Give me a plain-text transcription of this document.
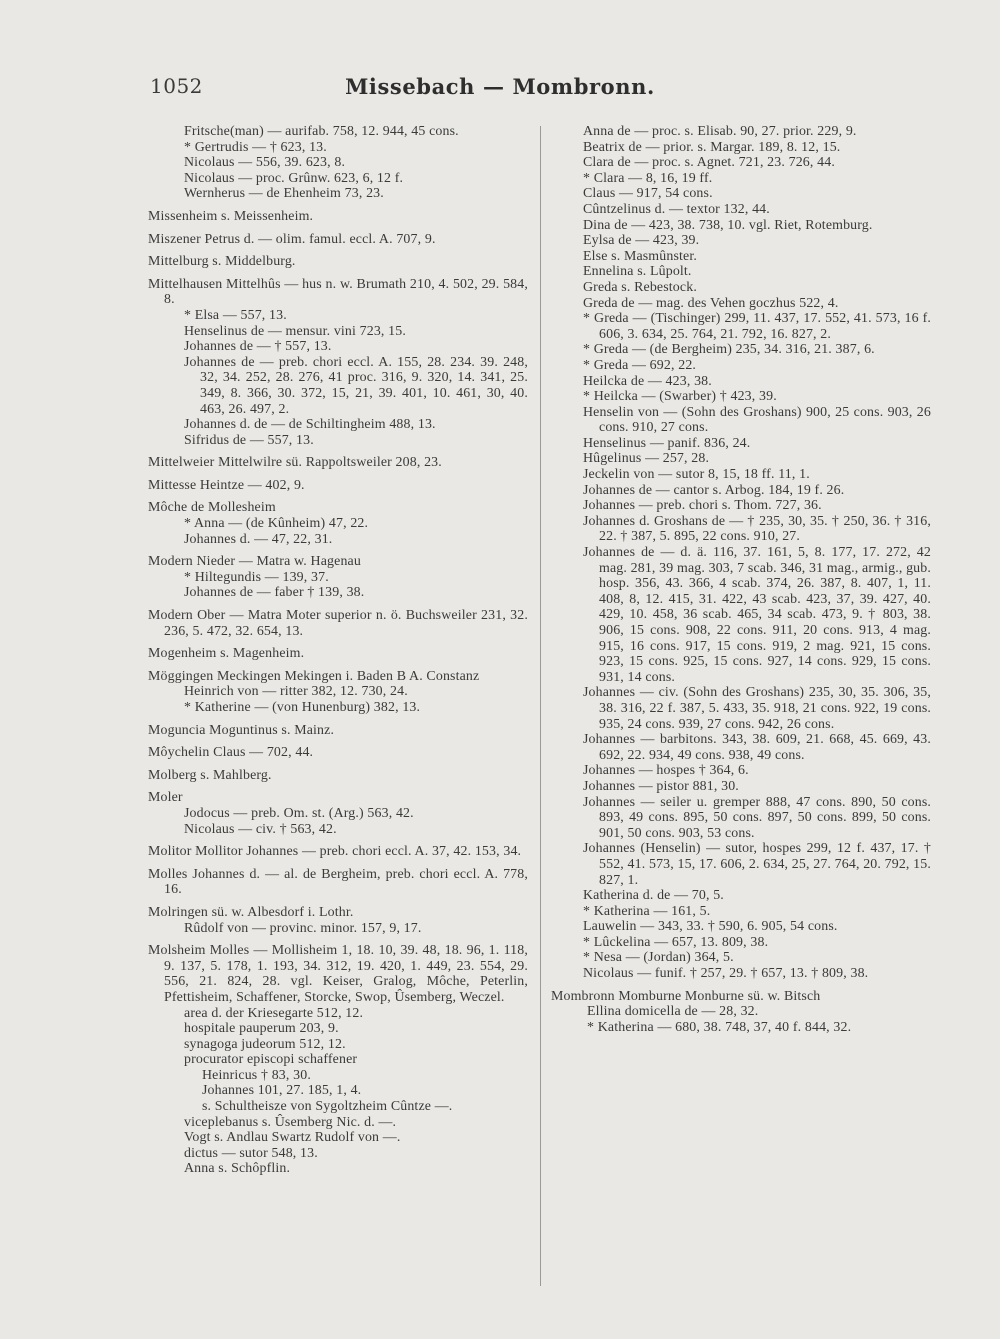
1052	Missebach — Mombronn.

Fritsche(man) — aurifab. 758, 12. 944, 45 cons.

* Gertrudis — † 623, 13.

Nicolaus — 556, 39. 623, 8.

Nicolaus — proc. Grûnw. 623, 6, 12 f.

Wernherus — de Ehenheim 73, 23.

Missenheim s. Meissenheim.

Miszener Petrus d. — olim. famul. eccl. A. 707, 9.

Mittelburg s. Middelburg.

Mittelhausen Mittelhûs — hus n. w. Brumath 210, 4. 502, 29. 584, 8.

* Elsa — 557, 13.

Henselinus de — mensur. vini 723, 15.

Johannes de — † 557, 13.

Johannes de — preb. chori eccl. A. 155, 28. 234. 39. 248, 32, 34. 252, 28. 276, 41 proc. 316, 9. 320, 14. 341, 25. 349, 8. 366, 30. 372, 15, 21, 39. 401, 10. 461, 30, 40. 463, 26. 497, 2.

Johannes d. de — de Schiltingheim 488, 13.

Sifridus de — 557, 13.

Mittelweier Mittelwilre sü. Rappoltsweiler 208, 23.

Mittesse Heintze — 402, 9.

Môche de Mollesheim

* Anna — (de Kûnheim) 47, 22.

Johannes d. — 47, 22, 31.

Modern Nieder — Matra w. Hagenau

* Hiltegundis — 139, 37.

Johannes de — faber † 139, 38.

Modern Ober — Matra Moter superior n. ö. Buchsweiler 231, 32. 236, 5. 472, 32. 654, 13.

Mogenheim s. Magenheim.

Möggingen Meckingen Mekingen i. Baden B A. Constanz

Heinrich von — ritter 382, 12. 730, 24.

* Katherine — (von Hunenburg) 382, 13.

Moguncia Moguntinus s. Mainz.

Môychelin Claus — 702, 44.

Molberg s. Mahlberg.

Moler

Jodocus — preb. Om. st. (Arg.) 563, 42.

Nicolaus — civ. † 563, 42.

Molitor Mollitor Johannes — preb. chori eccl. A. 37, 42. 153, 34.

Molles Johannes d. — al. de Bergheim, preb. chori eccl. A. 778, 16.

Molringen sü. w. Albesdorf i. Lothr.

Rûdolf von — provinc. minor. 157, 9, 17.

Molsheim Molles — Mollisheim 1, 18. 10, 39. 48, 18. 96, 1. 118, 9. 137, 5. 178, 1. 193, 34. 312, 19. 420, 1. 449, 23. 554, 29. 556, 21. 824, 28. vgl. Keiser, Gralog, Môche, Peterlin, Pfettisheim, Schaffener, Storcke, Swop, Ûsemberg, Weczel.

area d. der Kriesegarte 512, 12.

hospitale pauperum 203, 9.

synagoga judeorum 512, 12.

procurator episcopi schaffener

Heinricus † 83, 30.

Johannes 101, 27. 185, 1, 4.

s. Schultheisze von Sygoltzheim Cûntze —.

viceplebanus s. Ûsemberg Nic. d. —.

Vogt s. Andlau Swartz Rudolf von —.

dictus — sutor 548, 13.

Anna s. Schôpflin.

Anna de — proc. s. Elisab. 90, 27. prior. 229, 9.

Beatrix de — prior. s. Margar. 189, 8. 12, 15.

Clara de — proc. s. Agnet. 721, 23. 726, 44.

* Clara — 8, 16, 19 ff.

Claus — 917, 54 cons.

Cûntzelinus d. — textor 132, 44.

Dina de — 423, 38. 738, 10. vgl. Riet, Rotemburg.

Eylsa de — 423, 39.

Else s. Masmûnster.

Ennelina s. Lûpolt.

Greda s. Rebestock.

Greda de — mag. des Vehen goczhus 522, 4.

* Greda — (Tischinger) 299, 11. 437, 17. 552, 41. 573, 16 f. 606, 3. 634, 25. 764, 21. 792, 16. 827, 2.

* Greda — (de Bergheim) 235, 34. 316, 21. 387, 6.

* Greda — 692, 22.

Heilcka de — 423, 38.

* Heilcka — (Swarber) † 423, 39.

Henselin von — (Sohn des Groshans) 900, 25 cons. 903, 26 cons. 910, 27 cons.

Henselinus — panif. 836, 24.

Hûgelinus — 257, 28.

Jeckelin von — sutor 8, 15, 18 ff. 11, 1.

Johannes de — cantor s. Arbog. 184, 19 f. 26.

Johannes — preb. chori s. Thom. 727, 36.

Johannes d. Groshans de — † 235, 30, 35. † 250, 36. † 316, 22. † 387, 5. 895, 22 cons. 910, 27.

Johannes de — d. ä. 116, 37. 161, 5, 8. 177, 17. 272, 42 mag. 281, 39 mag. 303, 7 scab. 346, 31 mag., armig., gub. hosp. 356, 43. 366, 4 scab. 374, 26. 387, 8. 407, 1, 11. 408, 8, 12. 415, 31. 422, 43 scab. 423, 37, 39. 427, 40. 429, 10. 458, 36 scab. 465, 34 scab. 473, 9. † 803, 38. 906, 15 cons. 908, 22 cons. 911, 20 cons. 913, 4 mag. 915, 16 cons. 917, 15 cons. 919, 2 mag. 921, 15 cons. 923, 15 cons. 925, 15 cons. 927, 14 cons. 929, 15 cons. 931, 14 cons.

Johannes — civ. (Sohn des Groshans) 235, 30, 35. 306, 35, 38. 316, 22 f. 387, 5. 433, 35. 918, 21 cons. 922, 19 cons. 935, 24 cons. 939, 27 cons. 942, 26 cons.

Johannes — barbitons. 343, 38. 609, 21. 668, 45. 669, 43. 692, 22. 934, 49 cons. 938, 49 cons.

Johannes — hospes † 364, 6.

Johannes — pistor 881, 30.

Johannes — seiler u. gremper 888, 47 cons. 890, 50 cons. 893, 49 cons. 895, 50 cons. 897, 50 cons. 899, 50 cons. 901, 50 cons. 903, 53 cons.

Johannes (Henselin) — sutor, hospes 299, 12 f. 437, 17. † 552, 41. 573, 15, 17. 606, 2. 634, 25, 27. 764, 20. 792, 15. 827, 1.

Katherina d. de — 70, 5.

* Katherina — 161, 5.

Lauwelin — 343, 33. † 590, 6. 905, 54 cons.

* Lûckelina — 657, 13. 809, 38.

* Nesa — (Jordan) 364, 5.

Nicolaus — funif. † 257, 29. † 657, 13. † 809, 38.

Mombronn Momburne Monburne sü. w. Bitsch

Ellina domicella de — 28, 32.

* Katherina — 680, 38. 748, 37, 40 f. 844, 32.
